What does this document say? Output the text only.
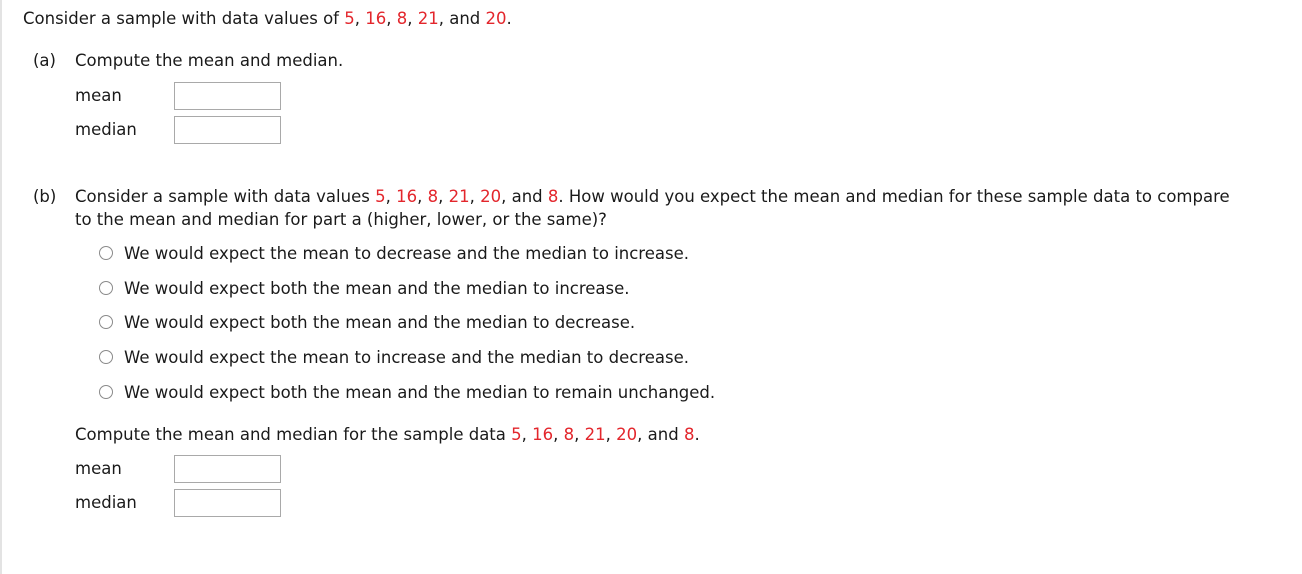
Consider a sample with data values of 5, 16, 8, 21, and 20.
(a) Compute the mean and median.
mean
median
(b) Consider a sample with data values 5, 16, 8, 21, 20, and 8. How would you expect the mean and median for these sample data to compare
to the mean and median for part a (higher, lower, or the same)?
We would expect the mean to decrease and the median to increase.
We would expect both the mean and the median to increase.
We would expect both the mean and the median to decrease.
We would expect the mean to increase and the median to decrease.
We would expect both the mean and the median to remain unchanged.
Compute the mean and median for the sample data 5, 16, 8, 21, 20, and 8.
mean
median
